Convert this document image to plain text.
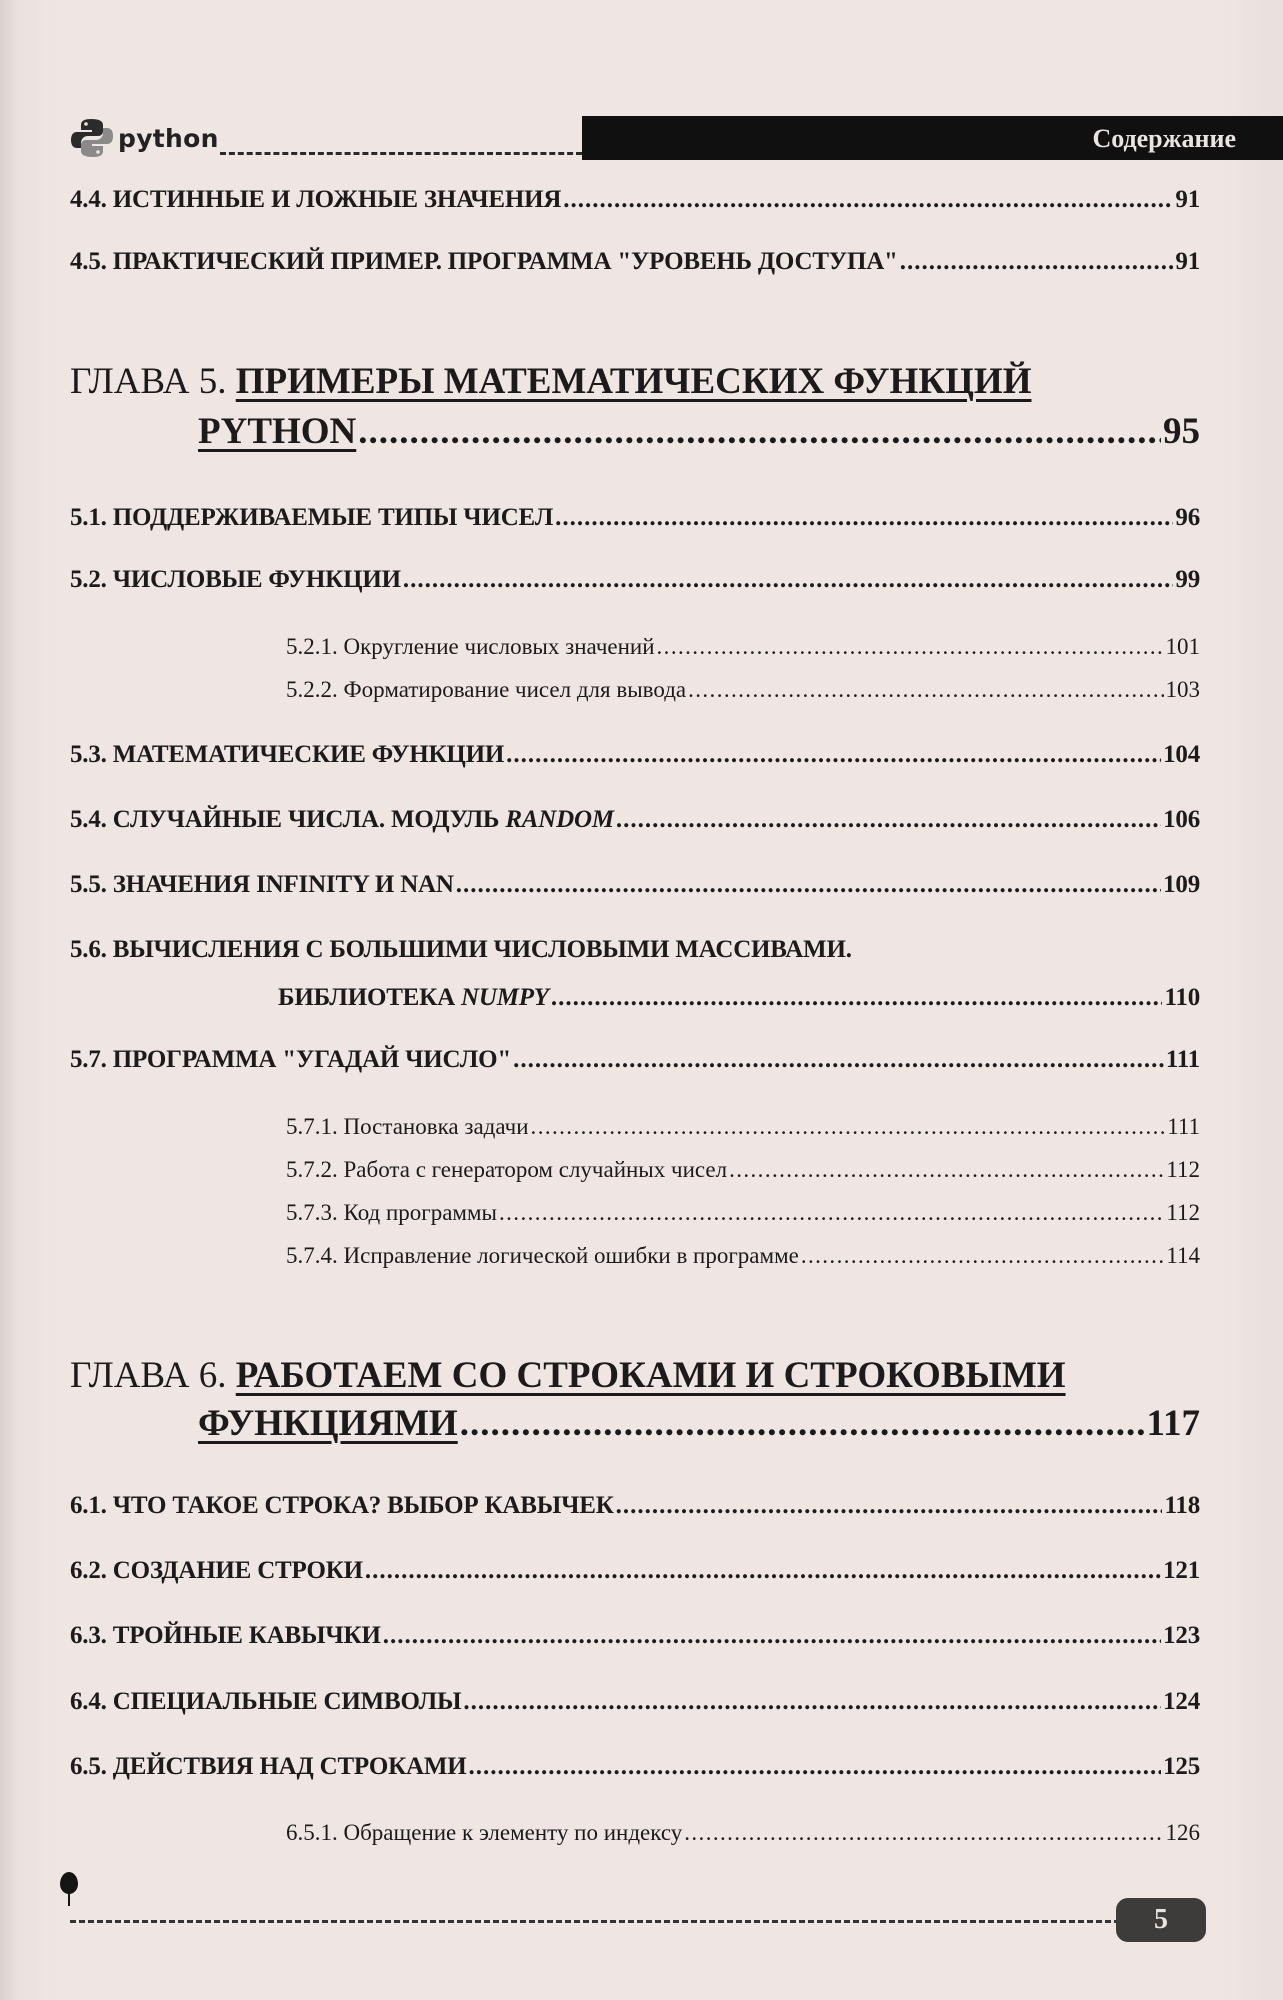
python	Содержание
4.4. ИСТИННЫЕ И ЛОЖНЫЕ ЗНАЧЕНИЯ .....	91
4.5. ПРАКТИЧЕСКИЙ ПРИМЕР. ПРОГРАММА "УРОВЕНЬ ДОСТУПА" .....	91
ГЛАВА 5. ПРИМЕРЫ МАТЕМАТИЧЕСКИХ ФУНКЦИЙ
PYTHON .....	95
5.1. ПОДДЕРЖИВАЕМЫЕ ТИПЫ ЧИСЕЛ .....	96
5.2. ЧИСЛОВЫЕ ФУНКЦИИ .....	99
5.2.1. Округление числовых значений .....	101
5.2.2. Форматирование чисел для вывода .....	103
5.3. МАТЕМАТИЧЕСКИЕ ФУНКЦИИ .....	104
5.4. СЛУЧАЙНЫЕ ЧИСЛА. МОДУЛЬ RANDOM .....	106
5.5. ЗНАЧЕНИЯ INFINITY И NAN .....	109
5.6. ВЫЧИСЛЕНИЯ С БОЛЬШИМИ ЧИСЛОВЫМИ МАССИВАМИ.
БИБЛИОТЕКА NUMPY .....	110
5.7. ПРОГРАММА "УГАДАЙ ЧИСЛО" .....	111
5.7.1. Постановка задачи .....	111
5.7.2. Работа с генератором случайных чисел .....	112
5.7.3. Код программы .....	112
5.7.4. Исправление логической ошибки в программе .....	114
ГЛАВА 6. РАБОТАЕМ СО СТРОКАМИ И СТРОКОВЫМИ
ФУНКЦИЯМИ .....	117
6.1. ЧТО ТАКОЕ СТРОКА? ВЫБОР КАВЫЧЕК .....	118
6.2. СОЗДАНИЕ СТРОКИ .....	121
6.3. ТРОЙНЫЕ КАВЫЧКИ .....	123
6.4. СПЕЦИАЛЬНЫЕ СИМВОЛЫ .....	124
6.5. ДЕЙСТВИЯ НАД СТРОКАМИ .....	125
6.5.1. Обращение к элементу по индексу .....	126
5
